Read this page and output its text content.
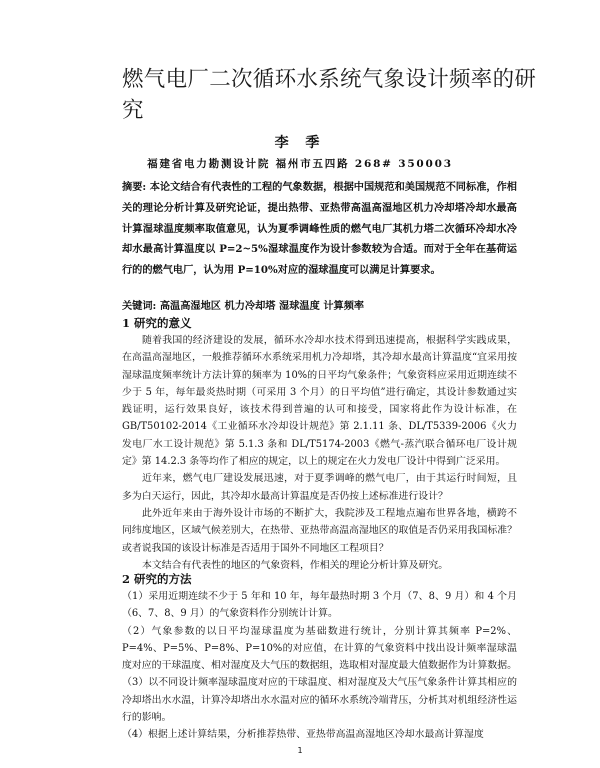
燃气电厂二次循环水系统气象设计频率的研究
李 季
福建省电力勘测设计院 福州市五四路 268# 350003
摘要: 本论文结合有代表性的工程的气象数据，根据中国规范和美国规范不同标准，作相关的理论分析计算及研究论证，提出热带、亚热带高温高湿地区机力冷却塔冷却水最高计算湿球温度频率取值意见，认为夏季调峰性质的燃气电厂其机力塔二次循环冷却水冷却水最高计算温度以 P=2~5%湿球温度作为设计参数较为合适。而对于全年在基荷运行的的燃气电厂，认为用 P=10%对应的湿球温度可以满足计算要求。
关键词: 高温高湿地区 机力冷却塔 湿球温度 计算频率
1 研究的意义

随着我国的经济建设的发展，循环水冷却水技术得到迅速提高，根据科学实践成果，在高温高湿地区，一般推荐循环水系统采用机力冷却塔，其冷却水最高计算温度“宜采用按湿球温度频率统计方法计算的频率为 10%的日平均气象条件；气象资料应采用近期连续不少于 5 年，每年最炎热时期（可采用 3 个月）的日平均值”进行确定，其设计参数通过实践证明，运行效果良好，该技术得到普遍的认可和接受，国家将此作为设计标准，在 GB/T50102-2014《工业循环水冷却设计规范》第 2.1.11 条、DL/T5339-2006《火力发电厂水工设计规范》第 5.1.3 条和 DL/T5174-2003《燃气-蒸汽联合循环电厂设计规定》第 14.2.3 条等均作了相应的规定，以上的规定在火力发电厂设计中得到广泛采用。

近年来，燃气电厂建设发展迅速，对于夏季调峰的燃气电厂，由于其运行时间短，且多为白天运行，因此，其冷却水最高计算温度是否仍按上述标准进行设计？

此外近年来由于海外设计市场的不断扩大，我院涉及工程地点遍布世界各地，横跨不同纬度地区，区域气候差别大，在热带、亚热带高温高湿地区的取值是否仍采用我国标准？或者说我国的该设计标准是否适用于国外不同地区工程项目？

本文结合有代表性的地区的气象资料，作相关的理论分析计算及研究。

2 研究的方法

（1）采用近期连续不少于 5 年和 10 年，每年最热时期 3 个月（7、8、9 月）和 4 个月（6、7、8、9 月）的气象资料作分别统计计算。

（2）气象参数的以日平均湿球温度为基础数进行统计，分别计算其频率 P=2%、P=4%、P=5%、P=8%、P=10%的对应值，在计算的气象资料中找出设计频率湿球温度对应的干球温度、相对湿度及大气压的数据组，选取相对湿度最大值数据作为计算数据。

（3）以不同设计频率湿球温度对应的干球温度、相对湿度及大气压气象条件计算其相应的冷却塔出水水温，计算冷却塔出水水温对应的循环水系统冷端背压，分析其对机组经济性运行的影响。

（4）根据上述计算结果，分析推荐热带、亚热带高温高湿地区冷却水最高计算湿度

1
